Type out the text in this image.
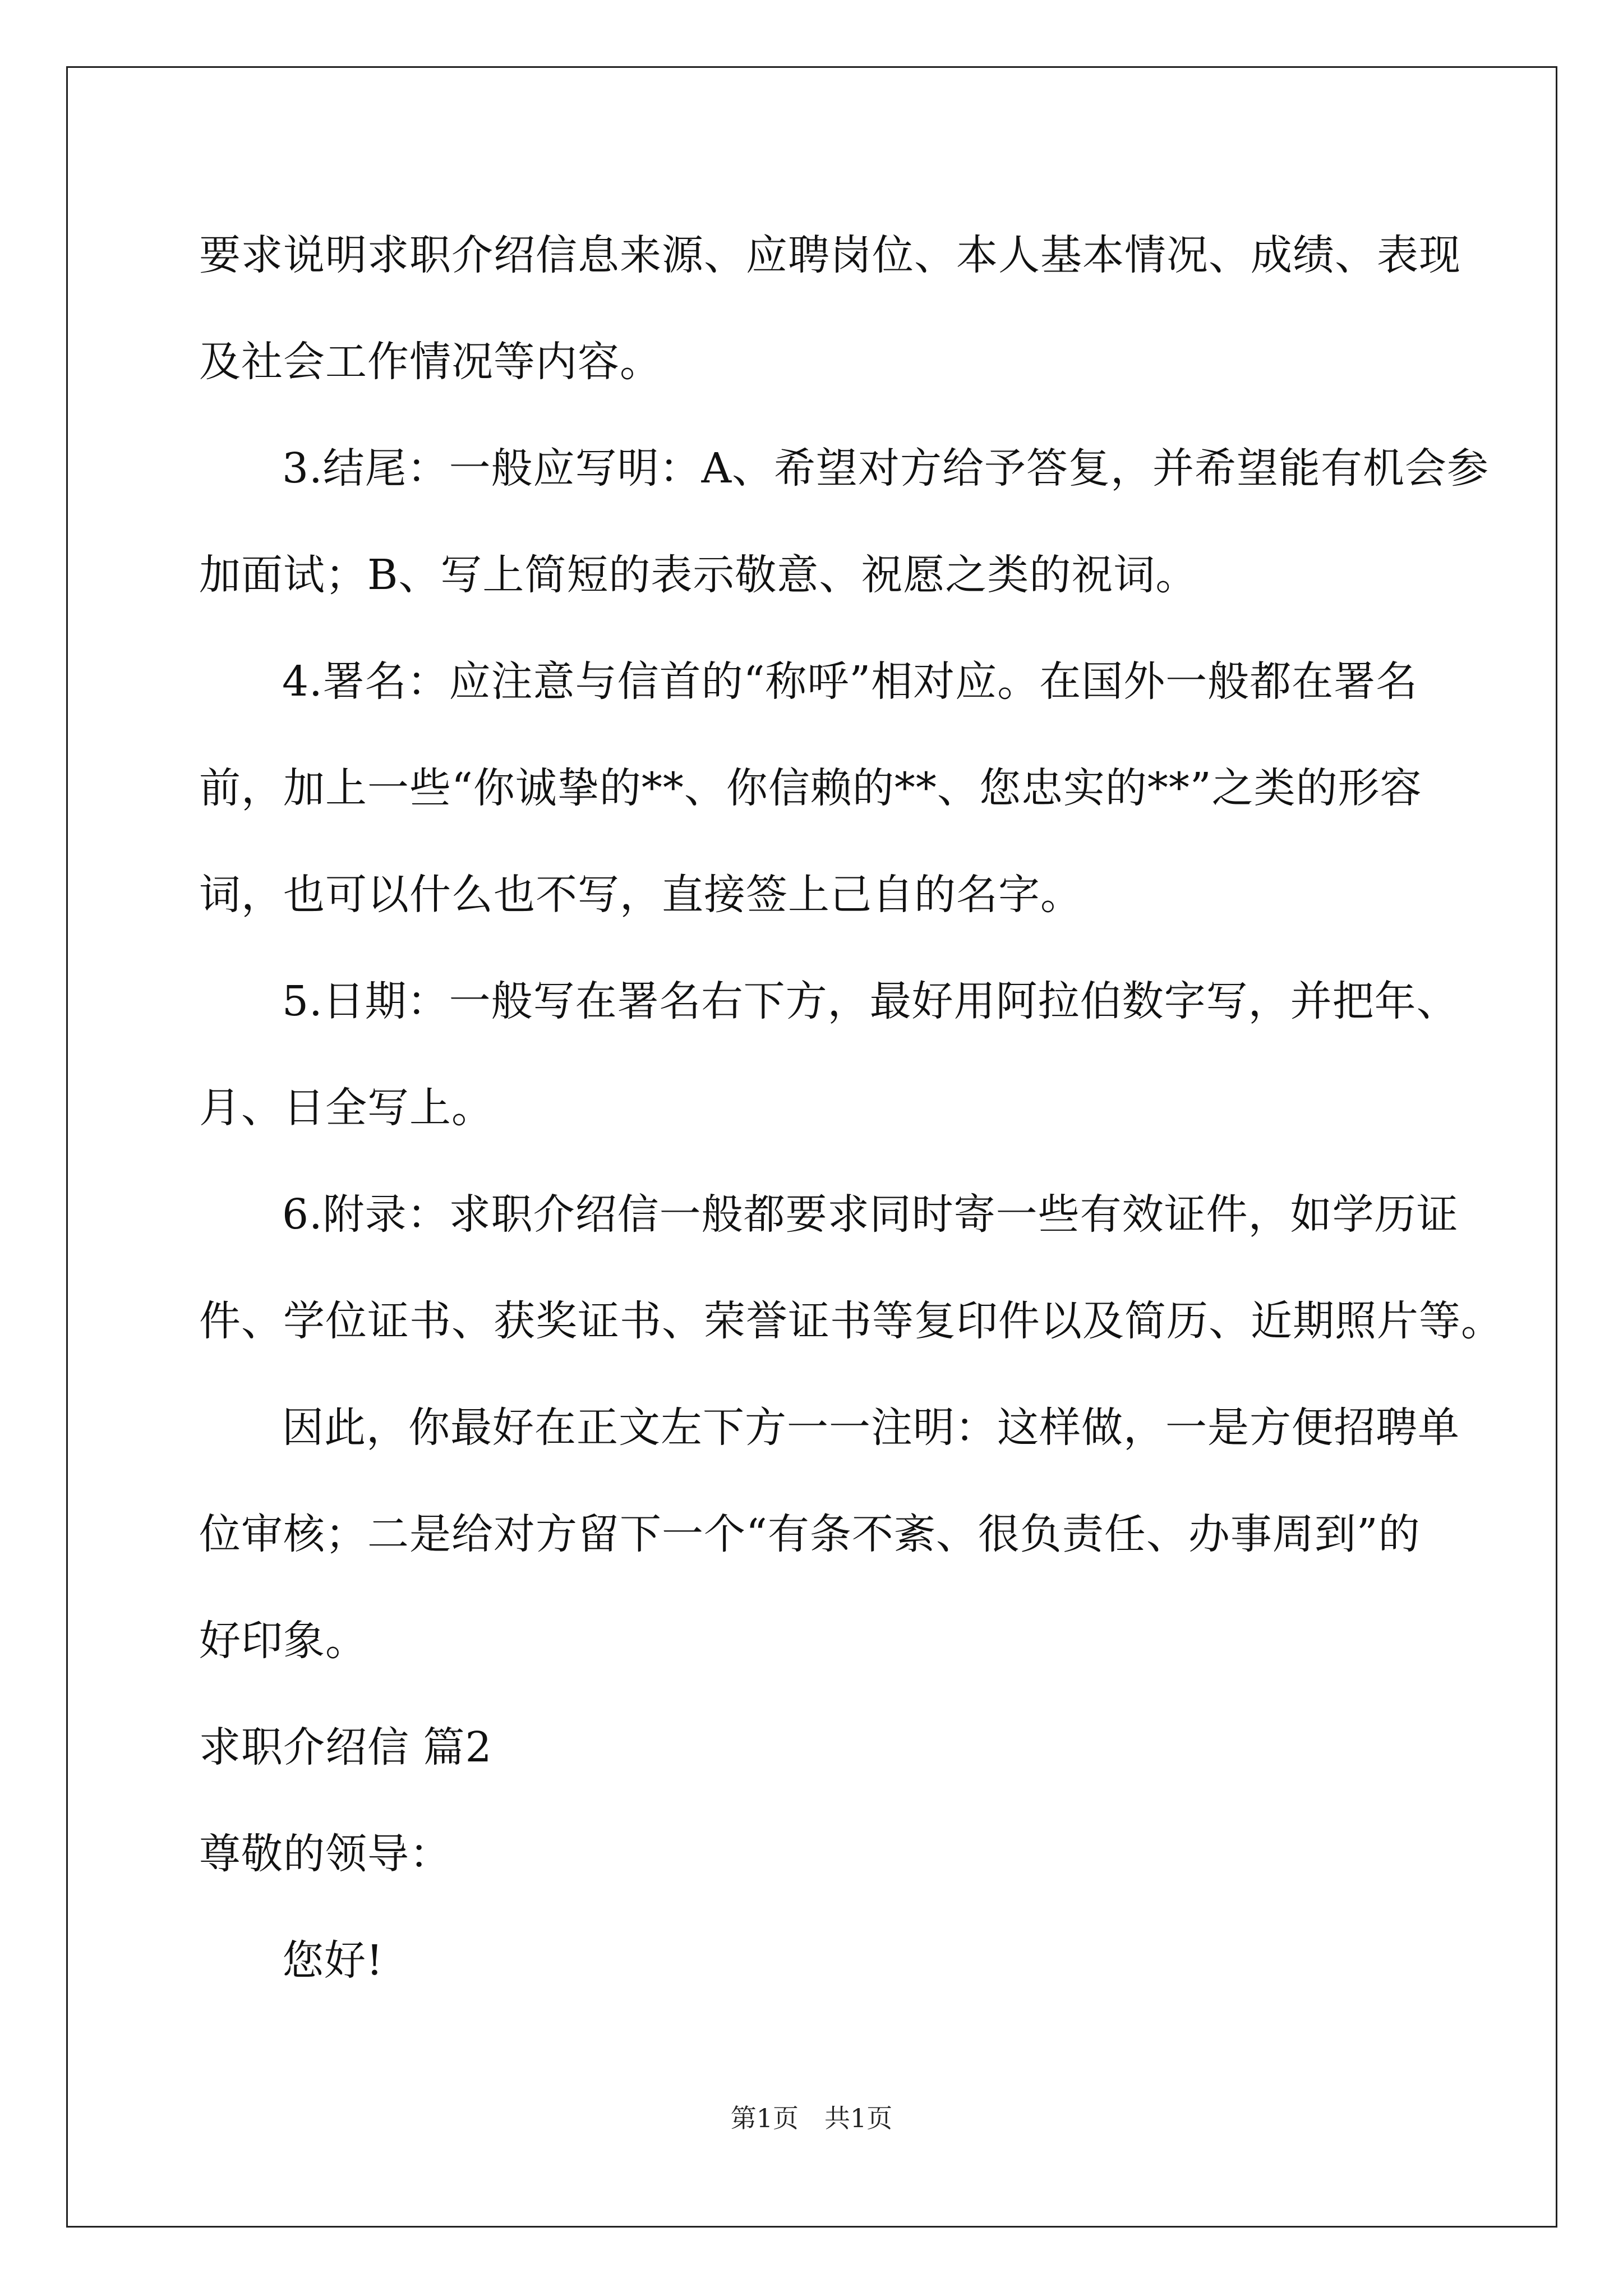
要求说明求职介绍信息来源、应聘岗位、本人基本情况、成绩、表现
及社会工作情况等内容。

3.结尾：一般应写明：A、希望对方给予答复，并希望能有机会参
加面试；B、写上简短的表示敬意、祝愿之类的祝词。

4.署名：应注意与信首的“称呼”相对应。在国外一般都在署名
前，加上一些“你诚挚的**、你信赖的**、您忠实的**”之类的形容
词，也可以什么也不写，直接签上己自的名字。

5.日期：一般写在署名右下方，最好用阿拉伯数字写，并把年、
月、日全写上。

6.附录：求职介绍信一般都要求同时寄一些有效证件，如学历证
件、学位证书、获奖证书、荣誉证书等复印件以及简历、近期照片等。

因此，你最好在正文左下方一一注明：这样做，一是方便招聘单
位审核；二是给对方留下一个“有条不紊、很负责任、办事周到”的
好印象。

求职介绍信 篇2

尊敬的领导：

您好!

第1页　共1页
